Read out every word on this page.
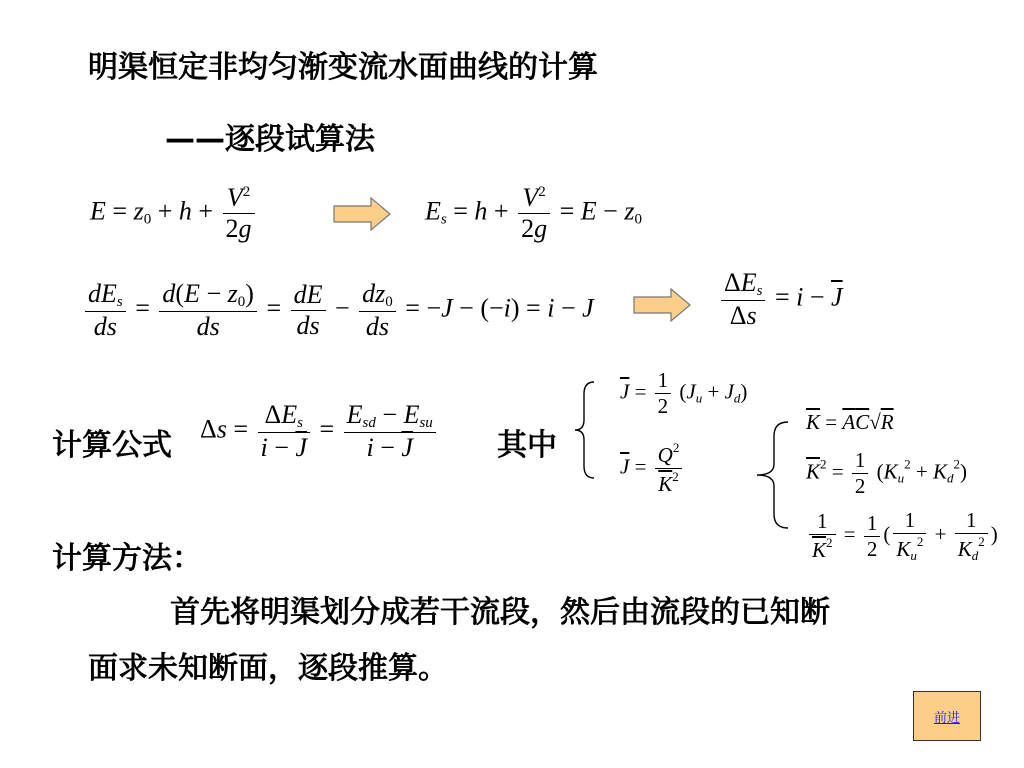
明渠恒定非均匀渐变流水面曲线的计算
——逐段试算法
$E = z_0 + h + \frac{V^2}{2g}$	$E_s = h + \frac{V^2}{2g} = E - z_0$
$\frac{dE_s}{ds} = \frac{d(E - z_0)}{ds} = \frac{dE}{ds} - \frac{dz_0}{ds} = -J - (-i) = i - J$	$\frac{\Delta E_s}{\Delta s} = i - \overline{J}$
计算公式 $\Delta s = \frac{\Delta E_s}{i - \overline{J}} = \frac{E_{sd} - E_{su}}{i - \overline{J}}$ 其中
$\overline{J} = \frac{1}{2} (J_u + J_d)$
$\overline{J} = \frac{Q^2}{\overline{K}^2}$
$\overline{K} = \overline{A}\overline{C}√R$
$\overline{K}^2 = \frac{1}{2} (K_u^2 + K_d^2)$
$\frac{1}{\overline{K}^2} = \frac{1}{2}$ ( $\frac{1}{K_u^2} + \frac{1}{K_d^2}$ )
计算方法：
首先将明渠划分成若干流段，然后由流段的已知断
面求未知断面，逐段推算。
前进
